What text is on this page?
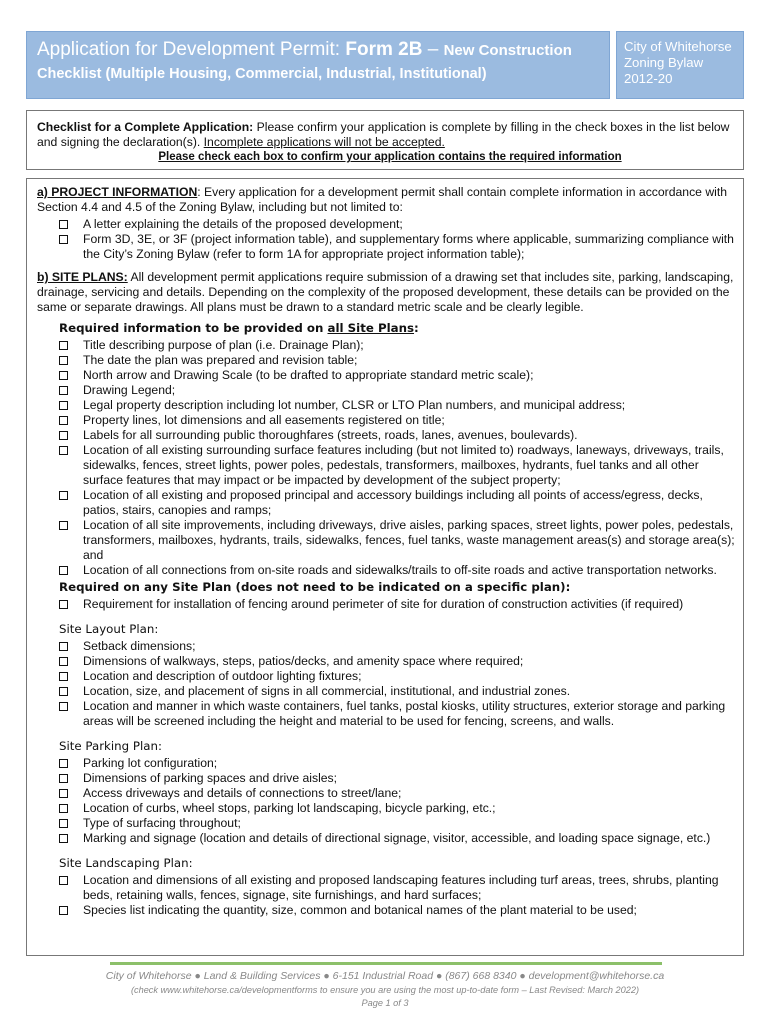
Application for Development Permit: Form 2B – New Construction
Checklist (Multiple Housing, Commercial, Industrial, Institutional)
City of Whitehorse
Zoning Bylaw
2012-20
Checklist for a Complete Application: Please confirm your application is complete by filling in the check boxes in the list below and signing the declaration(s). Incomplete applications will not be accepted.
Please check each box to confirm your application contains the required information

a) PROJECT INFORMATION: Every application for a development permit shall contain complete information in accordance with Section 4.4 and 4.5 of the Zoning Bylaw, including but not limited to:

A letter explaining the details of the proposed development;
Form 3D, 3E, or 3F (project information table), and supplementary forms where applicable, summarizing compliance with the City’s Zoning Bylaw (refer to form 1A for appropriate project information table);

b) SITE PLANS: All development permit applications require submission of a drawing set that includes site, parking, landscaping, drainage, servicing and details. Depending on the complexity of the proposed development, these details can be provided on the same or separate drawings. All plans must be drawn to a standard metric scale and be clearly legible.

Required information to be provided on all Site Plans:
Title describing purpose of plan (i.e. Drainage Plan);
The date the plan was prepared and revision table;
North arrow and Drawing Scale (to be drafted to appropriate standard metric scale);
Drawing Legend;
Legal property description including lot number, CLSR or LTO Plan numbers, and municipal address;
Property lines, lot dimensions and all easements registered on title;
Labels for all surrounding public thoroughfares (streets, roads, lanes, avenues, boulevards).
Location of all existing surrounding surface features including (but not limited to) roadways, laneways, driveways, trails, sidewalks, fences, street lights, power poles, pedestals, transformers, mailboxes, hydrants, fuel tanks and all other surface features that may impact or be impacted by development of the subject property;
Location of all existing and proposed principal and accessory buildings including all points of access/egress, decks, patios, stairs, canopies and ramps;
Location of all site improvements, including driveways, drive aisles, parking spaces, street lights, power poles, pedestals, transformers, mailboxes, hydrants, trails, sidewalks, fences, fuel tanks, waste management areas(s) and storage area(s); and
Location of all connections from on-site roads and sidewalks/trails to off-site roads and active transportation networks.
Required on any Site Plan (does not need to be indicated on a specific plan):
Requirement for installation of fencing around perimeter of site for duration of construction activities (if required)
Site Layout Plan:
Setback dimensions;
Dimensions of walkways, steps, patios/decks, and amenity space where required;
Location and description of outdoor lighting fixtures;
Location, size, and placement of signs in all commercial, institutional, and industrial zones.
Location and manner in which waste containers, fuel tanks, postal kiosks, utility structures, exterior storage and parking areas will be screened including the height and material to be used for fencing, screens, and walls.
Site Parking Plan:
Parking lot configuration;
Dimensions of parking spaces and drive aisles;
Access driveways and details of connections to street/lane;
Location of curbs, wheel stops, parking lot landscaping, bicycle parking, etc.;
Type of surfacing throughout;
Marking and signage (location and details of directional signage, visitor, accessible, and loading space signage, etc.)
Site Landscaping Plan:
Location and dimensions of all existing and proposed landscaping features including turf areas, trees, shrubs, planting beds, retaining walls, fences, signage, site furnishings, and hard surfaces;
Species list indicating the quantity, size, common and botanical names of the plant material to be used;
City of Whitehorse ● Land & Building Services ● 6-151 Industrial Road ● (867) 668 8340 ● development@whitehorse.ca
(check www.whitehorse.ca/developmentforms to ensure you are using the most up-to-date form – Last Revised: March 2022)
Page 1 of 3
